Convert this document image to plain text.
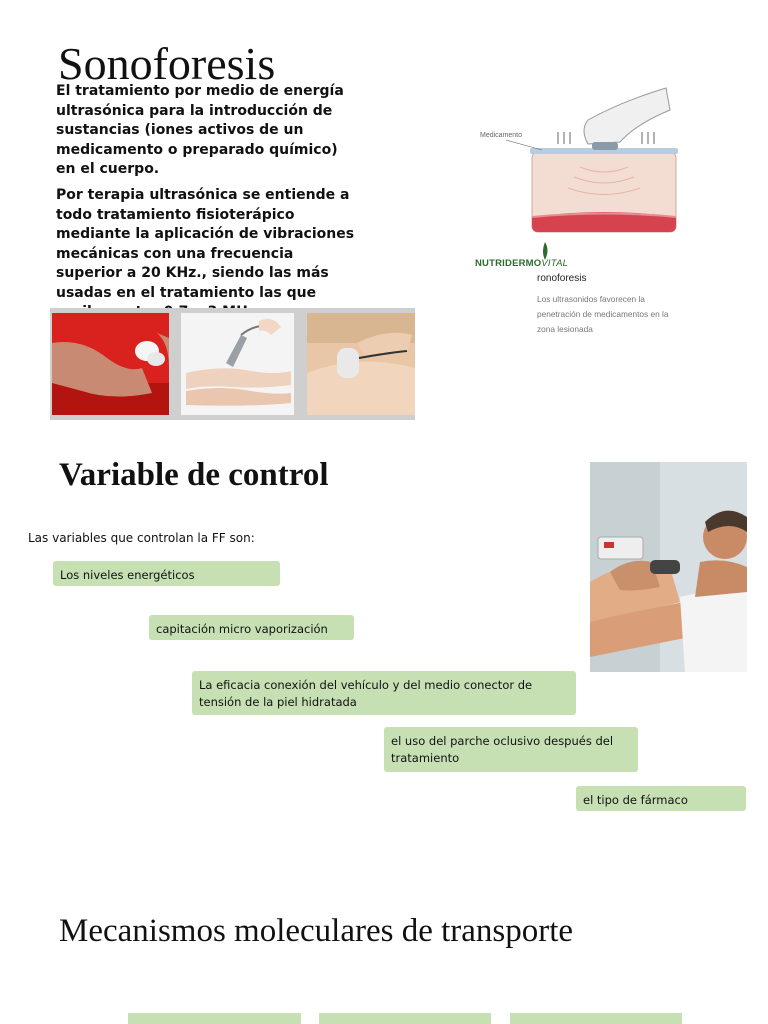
Sonoforesis

El tratamiento por medio de energía ultrasónica para la introducción de sustancias (iones activos de un medicamento o preparado químico) en el cuerpo.

Por terapia ultrasónica se entiende a todo tratamiento fisioterápico mediante la aplicación de vibraciones mecánicas con una frecuencia superior a 20 KHz., siendo las más usadas en el tratamiento las que

Medicamento
NUTRIDERMOVITAL
ronoforesis
Los ultrasonidos favorecen la penetración de medicamentos en la zona lesionada
Variable de control
Las variables que controlan la FF son:
Los niveles energéticos
capitación micro vaporización
La eficacia conexión del vehículo y del medio conector de tensión de la piel hidratada
el uso del parche oclusivo después del tratamiento
el tipo de fármaco
Mecanismos moleculares de transporte
